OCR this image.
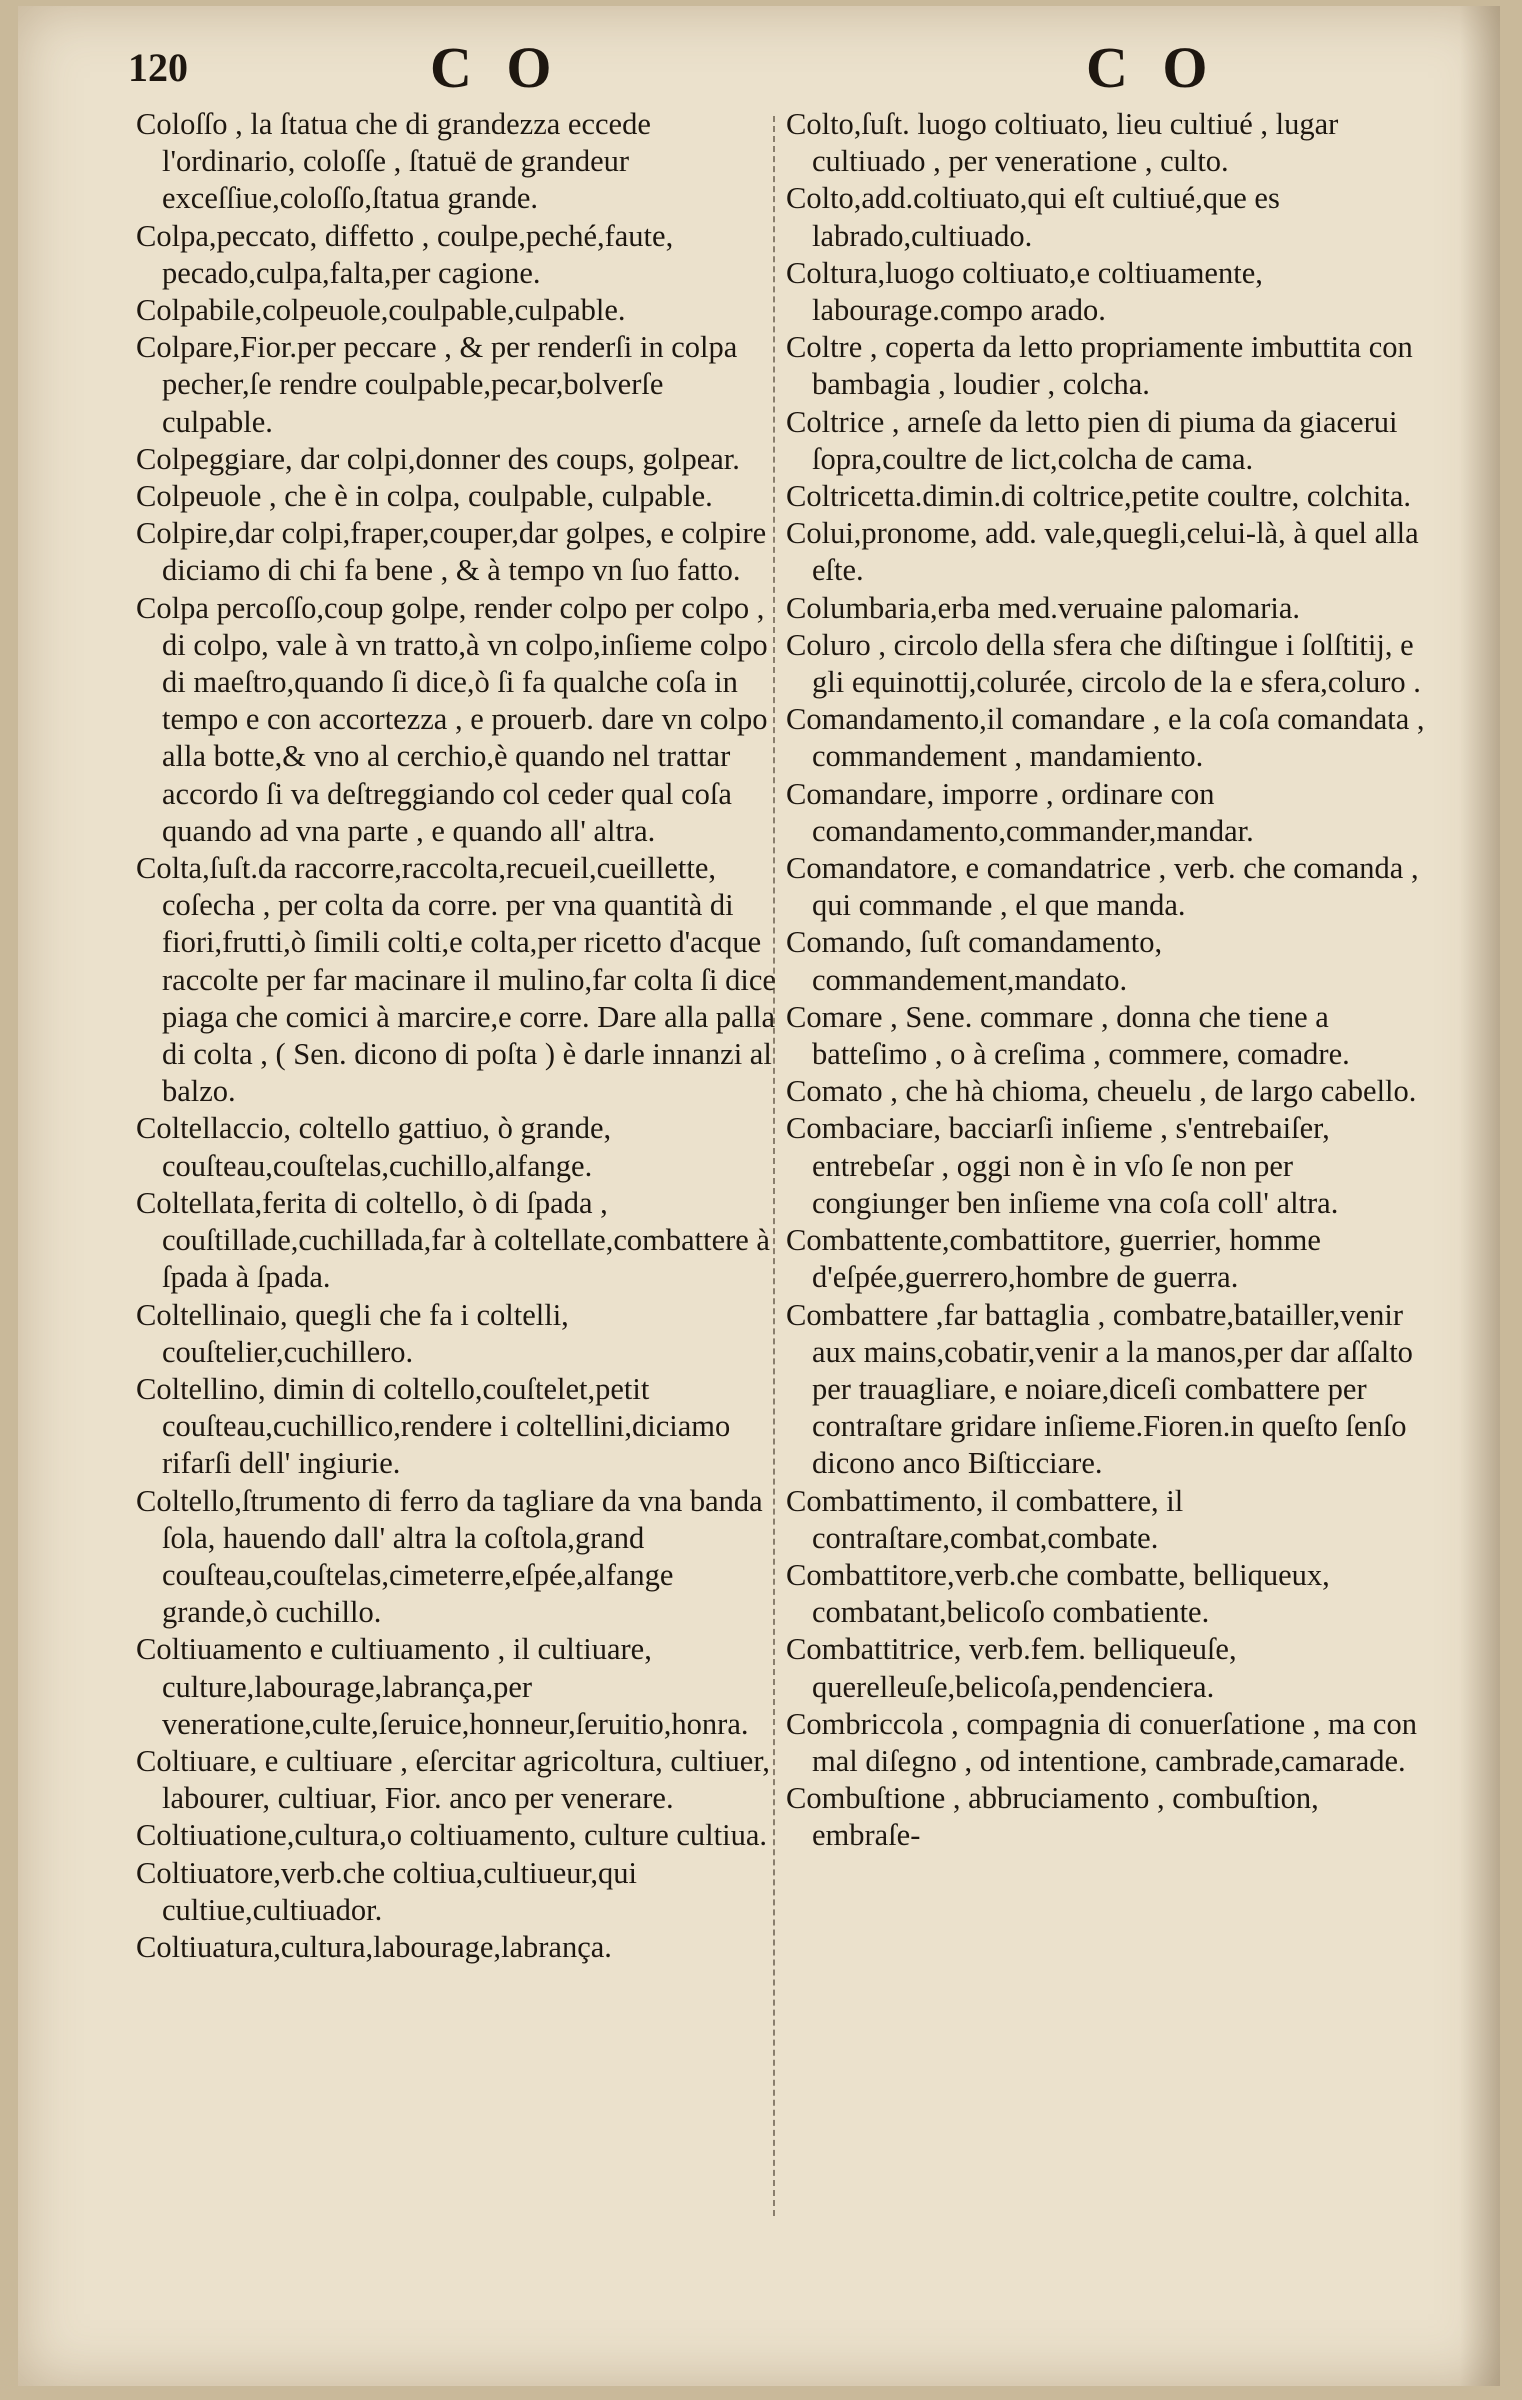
120	C O	C O

Coloſſo , la ſtatua che di grandezza eccede l'ordinario, coloſſe , ſtatuë de grandeur exceſſiue,coloſſo,ſtatua grande.

Colpa,peccato, diffetto , coulpe,peché,faute, pecado,culpa,falta,per cagione.

Colpabile,colpeuole,coulpable,culpable.

Colpare,Fior.per peccare , & per renderſi in colpa pecher,ſe rendre coulpable,pecar,bolverſe culpable.

Colpeggiare, dar colpi,donner des coups, golpear.

Colpeuole , che è in colpa, coulpable, culpable.

Colpire,dar colpi,fraper,couper,dar golpes, e colpire diciamo di chi fa bene , & à tempo vn ſuo fatto.

Colpa percoſſo,coup golpe, render colpo per colpo , di colpo, vale à vn tratto,à vn colpo,inſieme colpo di maeſtro,quando ſi dice,ò ſi fa qualche coſa in tempo e con accortezza , e prouerb. dare vn colpo alla botte,& vno al cerchio,è quando nel trattar accordo ſi va deſtreggiando col ceder qual coſa quando ad vna parte , e quando all' altra.

Colta,ſuſt.da raccorre,raccolta,recueil,cueillette, coſecha , per colta da corre. per vna quantità di fiori,frutti,ò ſimili colti,e colta,per ricetto d'acque raccolte per far macinare il mulino,far colta ſi dice piaga che comici à marcire,e corre. Dare alla palla di colta , ( Sen. dicono di poſta ) è darle innanzi al balzo.

Coltellaccio, coltello gattiuo, ò grande, couſteau,couſtelas,cuchillo,alfange.

Coltellata,ferita di coltello, ò di ſpada , couſtillade,cuchillada,far à coltellate,combattere à ſpada à ſpada.

Coltellinaio, quegli che fa i coltelli, couſtelier,cuchillero.

Coltellino, dimin di coltello,couſtelet,petit couſteau,cuchillico,rendere i coltellini,diciamo rifarſi dell' ingiurie.

Coltello,ſtrumento di ferro da tagliare da vna banda ſola, hauendo dall' altra la coſtola,grand couſteau,couſtelas,cimeterre,eſpée,alfange grande,ò cuchillo.

Coltiuamento e cultiuamento , il cultiuare, culture,labourage,labrança,per veneratione,culte,ſeruice,honneur,ſeruitio,honra.

Coltiuare, e cultiuare , eſercitar agricoltura, cultiuer, labourer, cultiuar, Fior. anco per venerare.

Coltiuatione,cultura,o coltiuamento, culture cultiua.

Coltiuatore,verb.che coltiua,cultiueur,qui cultiue,cultiuador.

Coltiuatura,cultura,labourage,labrança.

Colto,ſuſt. luogo coltiuato, lieu cultiué , lugar cultiuado , per veneratione , culto.

Colto,add.coltiuato,qui eſt cultiué,que es labrado,cultiuado.

Coltura,luogo coltiuato,e coltiuamente, labourage.compo arado.

Coltre , coperta da letto propriamente imbuttita con bambagia , loudier , colcha.

Coltrice , arneſe da letto pien di piuma da giacerui ſopra,coultre de lict,colcha de cama.

Coltricetta.dimin.di coltrice,petite coultre, colchita.

Colui,pronome, add. vale,quegli,celui-là, à quel alla eſte.

Columbaria,erba med.veruaine palomaria.

Coluro , circolo della sfera che diſtingue i ſolſtitij, e gli equinottij,colurée, circolo de la e sfera,coluro .

Comandamento,il comandare , e la coſa comandata , commandement , mandamiento.

Comandare, imporre , ordinare con comandamento,commander,mandar.

Comandatore, e comandatrice , verb. che comanda , qui commande , el que manda.

Comando, ſuſt comandamento, commandement,mandato.

Comare , Sene. commare , donna che tiene a batteſimo , o à creſima , commere, comadre.

Comato , che hà chioma, cheuelu , de largo cabello.

Combaciare, bacciarſi inſieme , s'entrebaiſer, entrebeſar , oggi non è in vſo ſe non per congiunger ben inſieme vna coſa coll' altra.

Combattente,combattitore, guerrier, homme d'eſpée,guerrero,hombre de guerra.

Combattere ,far battaglia , combatre,batailler,venir aux mains,cobatir,venir a la manos,per dar aſſalto per trauagliare, e noiare,diceſi combattere per contraſtare gridare inſieme.Fioren.in queſto ſenſo dicono anco Biſticciare.

Combattimento, il combattere, il contraſtare,combat,combate.

Combattitore,verb.che combatte, belliqueux, combatant,belicoſo combatiente.

Combattitrice, verb.fem. belliqueuſe, querelleuſe,belicoſa,pendenciera.

Combriccola , compagnia di conuerſatione , ma con mal diſegno , od intentione, cambrade,camarade.

Combuſtione , abbruciamento , combuſtion, embraſe-
